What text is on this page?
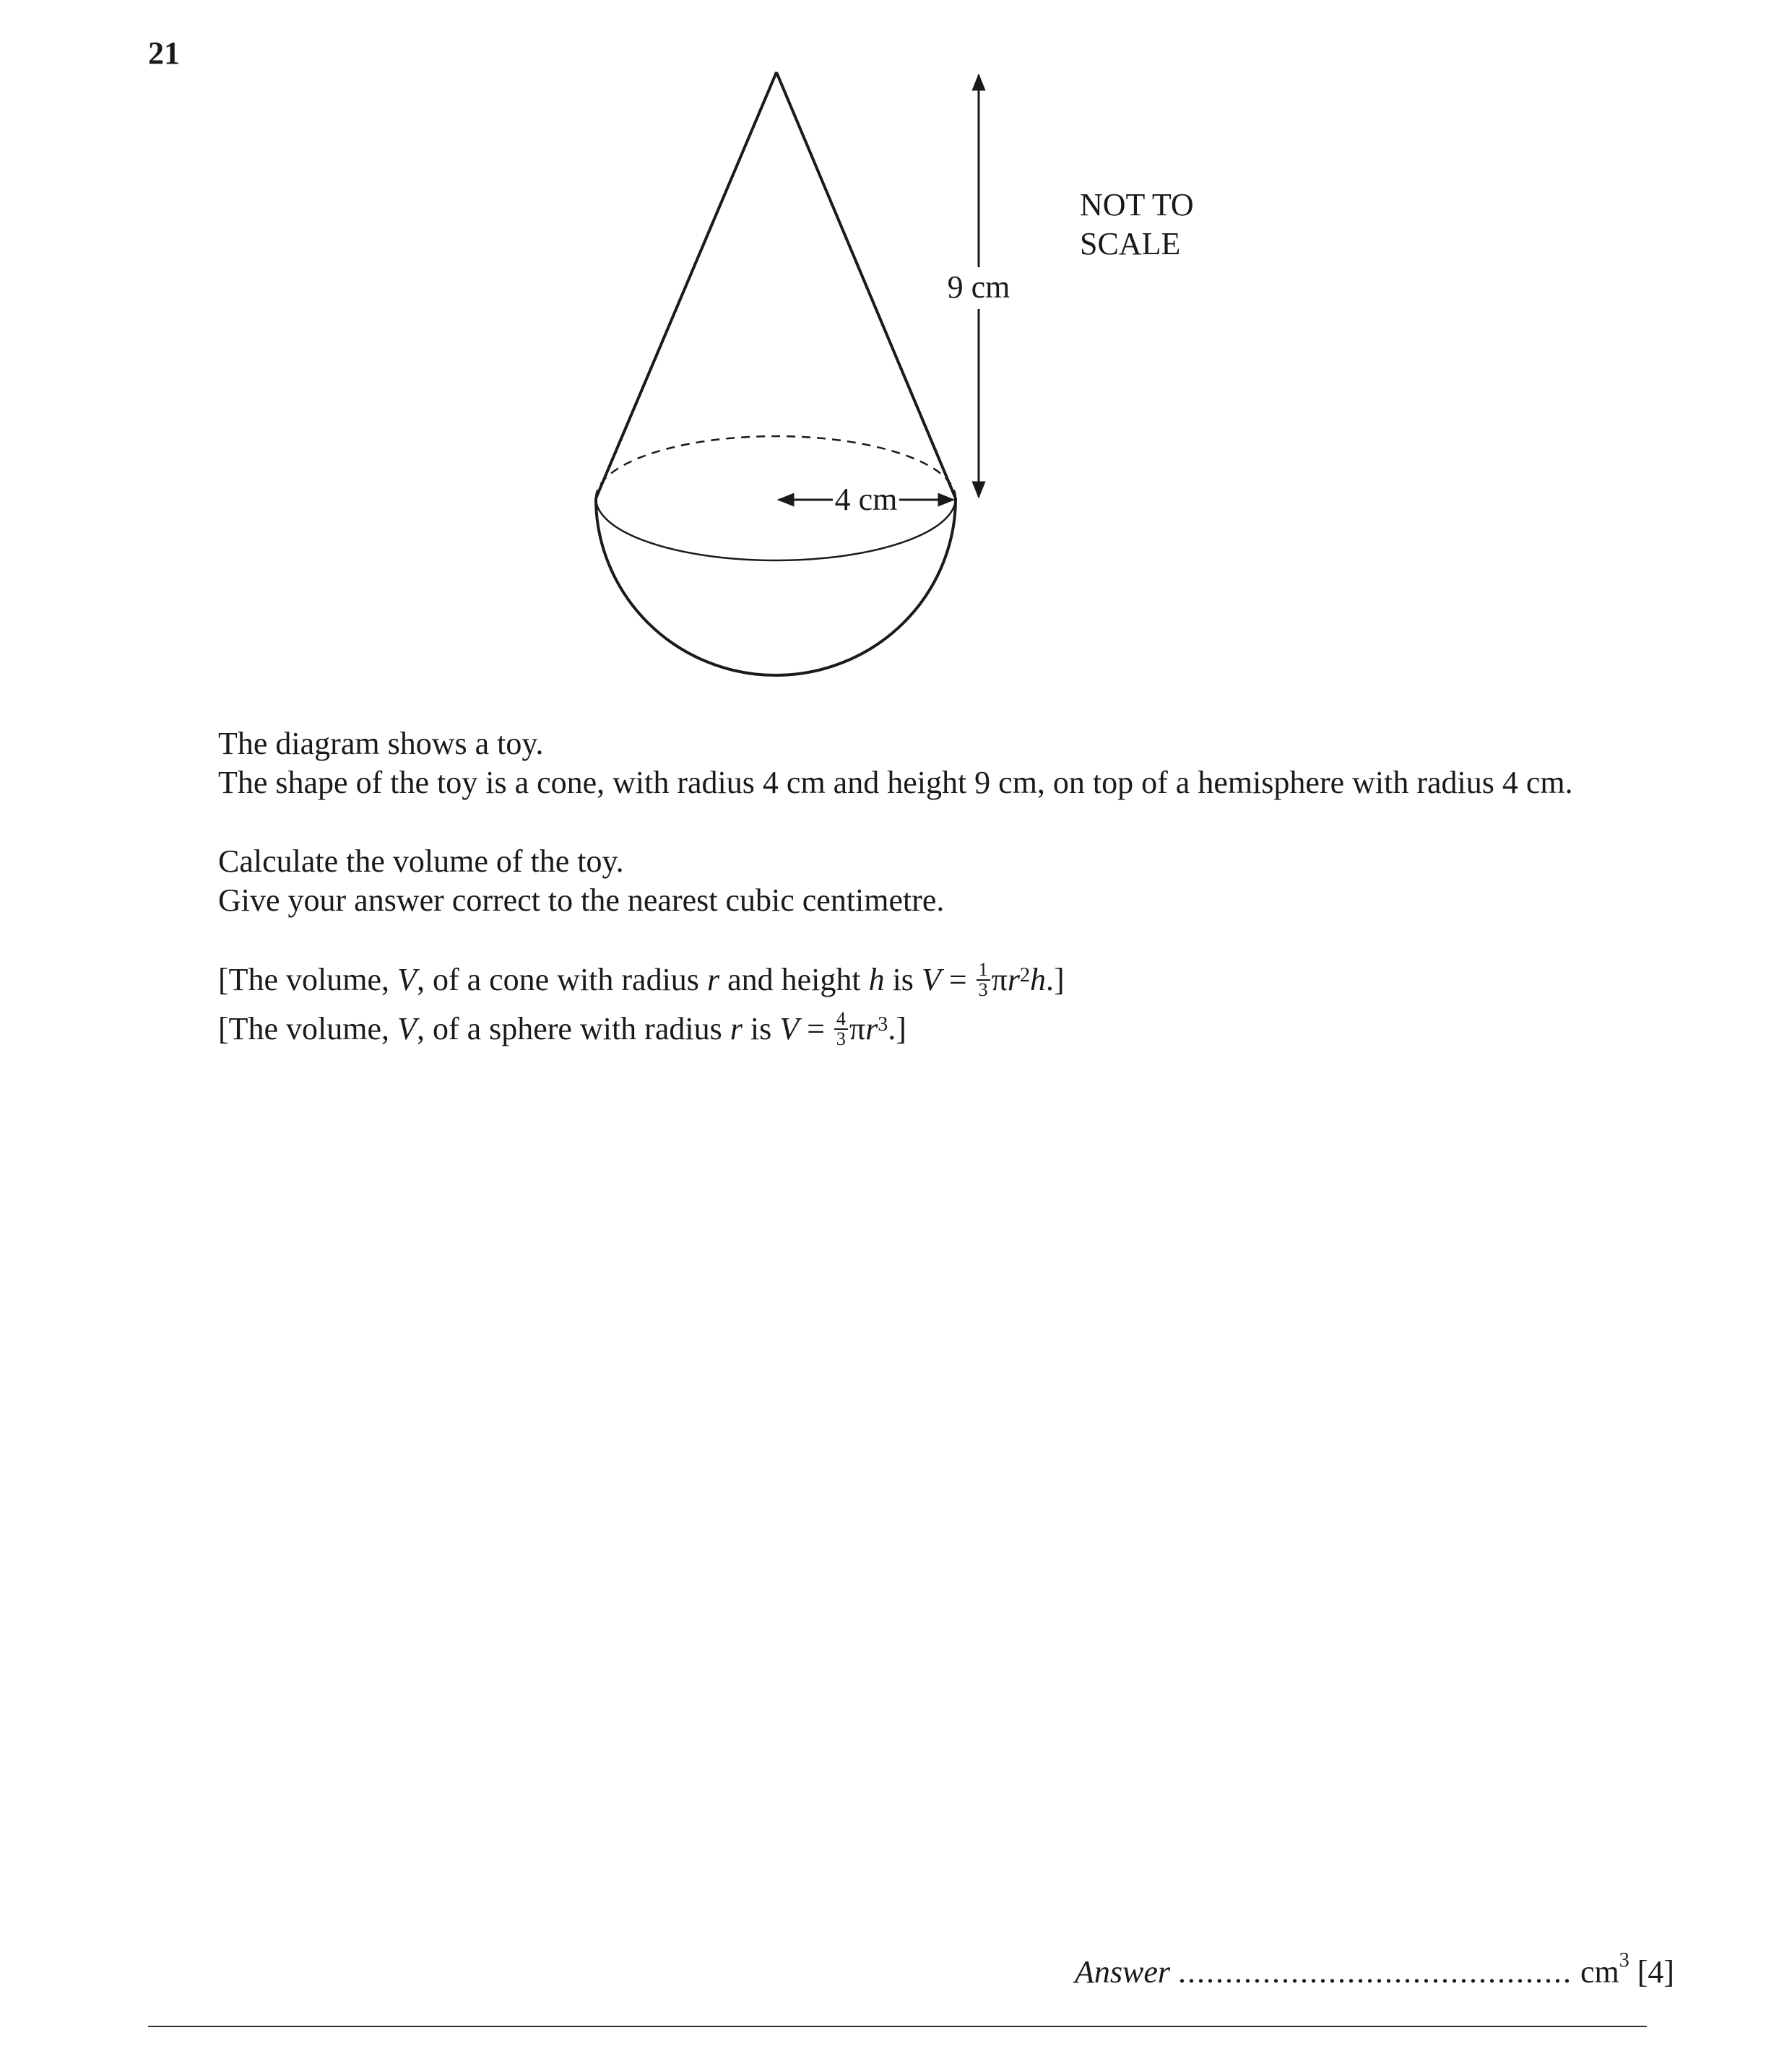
21
9 cm
4 cm
NOT TO
SCALE
The diagram shows a toy.
The shape of the toy is a cone, with radius 4 cm and height 9 cm, on top of a hemisphere with radius 4 cm.
Calculate the volume of the toy.
Give your answer correct to the nearest cubic centimetre.
[The volume, V, of a cone with radius r and height h is $V = \frac{1}{3} \pi r^2h$.]
[The volume, V, of a sphere with radius r is $V = \frac{4}{3} \pi r^3$.]
Answer .......................................... $cm^3$ [4]
